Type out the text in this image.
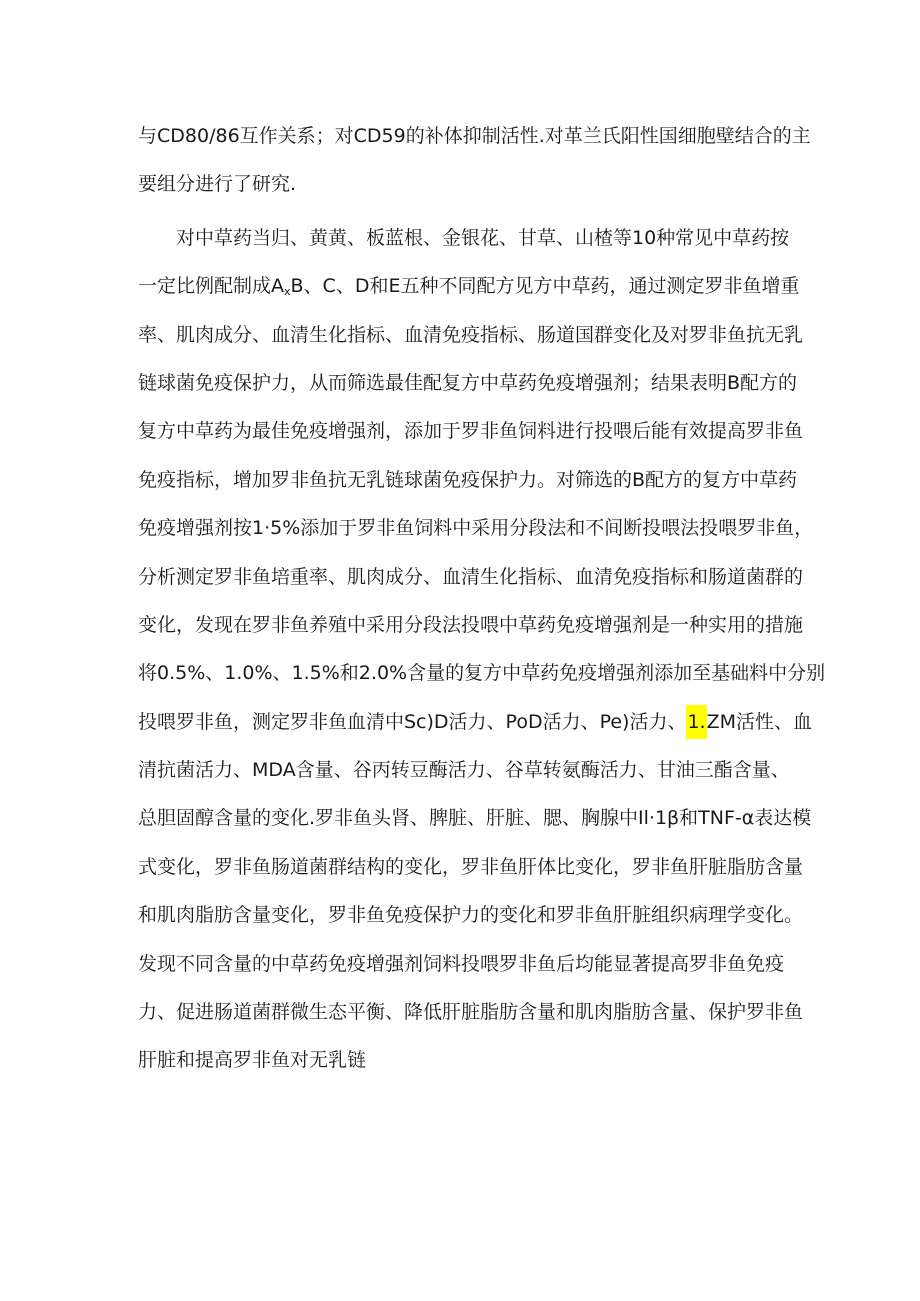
与CD80/86互作关系；对CD59的补体抑制活性.对革兰氏阳性国细胞壁结合的主
要组分进行了研究.
对中草药当归、黄黄、板蓝根、金银花、甘草、山楂等10种常见中草药按
一定比例配制成$A_xB$、C、D和E五种不同配方见方中草药，通过测定罗非鱼增重
率、肌肉成分、血清生化指标、血清免疫指标、肠道国群变化及对罗非鱼抗无乳
链球菌免疫保护力，从而筛选最佳配复方中草药免疫增强剂；结果表明B配方的
复方中草药为最佳免疫增强剂，添加于罗非鱼饲料进行投喂后能有效提高罗非鱼
免疫指标，增加罗非鱼抗无乳链球菌免疫保护力。对筛选的B配方的复方中草药
免疫增强剂按1·5%添加于罗非鱼饲料中采用分段法和不间断投喂法投喂罗非鱼，
分析测定罗非鱼培重率、肌肉成分、血清生化指标、血清免疫指标和肠道菌群的
变化，发现在罗非鱼养殖中采用分段法投喂中草药免疫增强剂是一种实用的措施
将0.5%、1.0%、1.5%和2.0%含量的复方中草药免疫增强剂添加至基础料中分别
投喂罗非鱼，测定罗非鱼血清中Sc)D活力、PoD活力、Pe)活力、1.ZM活性、血
清抗菌活力、MDA含量、谷丙转豆酶活力、谷草转氨酶活力、甘油三酯含量、
总胆固醇含量的变化.罗非鱼头肾、脾脏、肝脏、腮、胸腺中Il·1β和TNF-α表达模
式变化，罗非鱼肠道菌群结构的变化，罗非鱼肝体比变化，罗非鱼肝脏脂肪含量
和肌肉脂肪含量变化，罗非鱼免疫保护力的变化和罗非鱼肝脏组织病理学变化。
发现不同含量的中草药免疫增强剂饲料投喂罗非鱼后均能显著提高罗非鱼免疫
力、促进肠道菌群微生态平衡、降低肝脏脂肪含量和肌肉脂肪含量、保护罗非鱼
肝脏和提高罗非鱼对无乳链
